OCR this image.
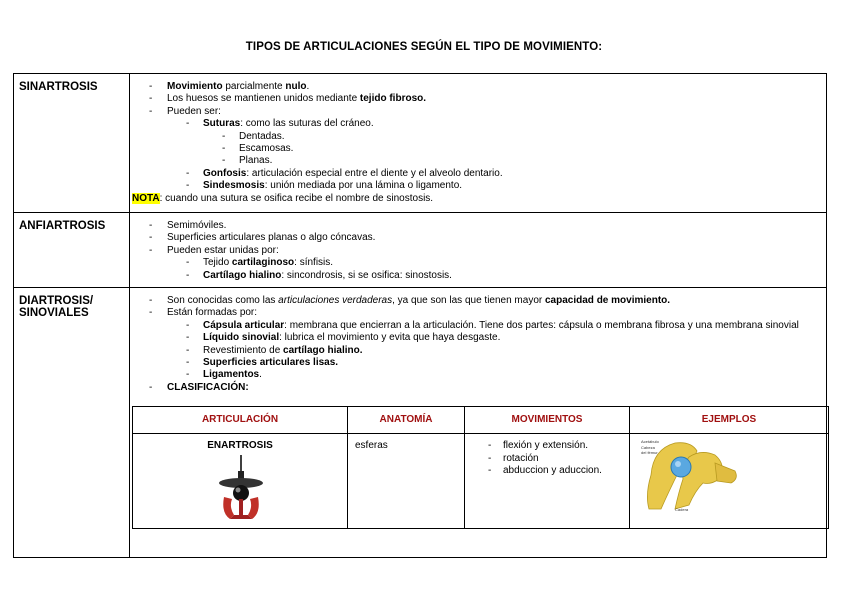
TIPOS DE ARTICULACIONES SEGÚN EL TIPO DE MOVIMIENTO:
SINARTROSIS	- Movimiento parcialmente nulo.
- Los huesos se mantienen unidos mediante tejido fibroso.
- Pueden ser:
- Suturas: como las suturas del cráneo.
- Dentadas.
- Escamosas.
- Planas.
- Gonfosis: articulación especial entre el diente y el alveolo dentario.
- Sindesmosis: unión mediada por una lámina o ligamento.
NOTA: cuando una sutura se osifica recibe el nombre de sinostosis.

ANFIARTROSIS	- Semimóviles.
- Superficies articulares planas o algo cóncavas.
- Pueden estar unidas por:
- Tejido cartilaginoso: sínfisis.
- Cartílago hialino: sincondrosis, si se osifica: sinostosis.

DIARTROSIS/ SINOVIALES	
- Son conocidas como las articulaciones verdaderas, ya que son las que tienen mayor capacidad de movimiento.
- Están formadas por:
- Cápsula articular: membrana que encierran a la articulación. Tiene dos partes: cápsula o membrana fibrosa y una membrana sinovial
- Líquido sinovial: lubrica el movimiento y evita que haya desgaste.
- Revestimiento de cartílago hialino.
- Superficies articulares lisas.
- Ligamentos.
- CLASIFICACIÓN:
ARTICULACIÓN	ANATOMÍA	MOVIMIENTOS	EJEMPLOS

ENARTROSIS	esferas	- flexión y extensión.
- rotación
- abduccion y aduccion.

Acetábulo
Cabeza
del fémur
Cadera
